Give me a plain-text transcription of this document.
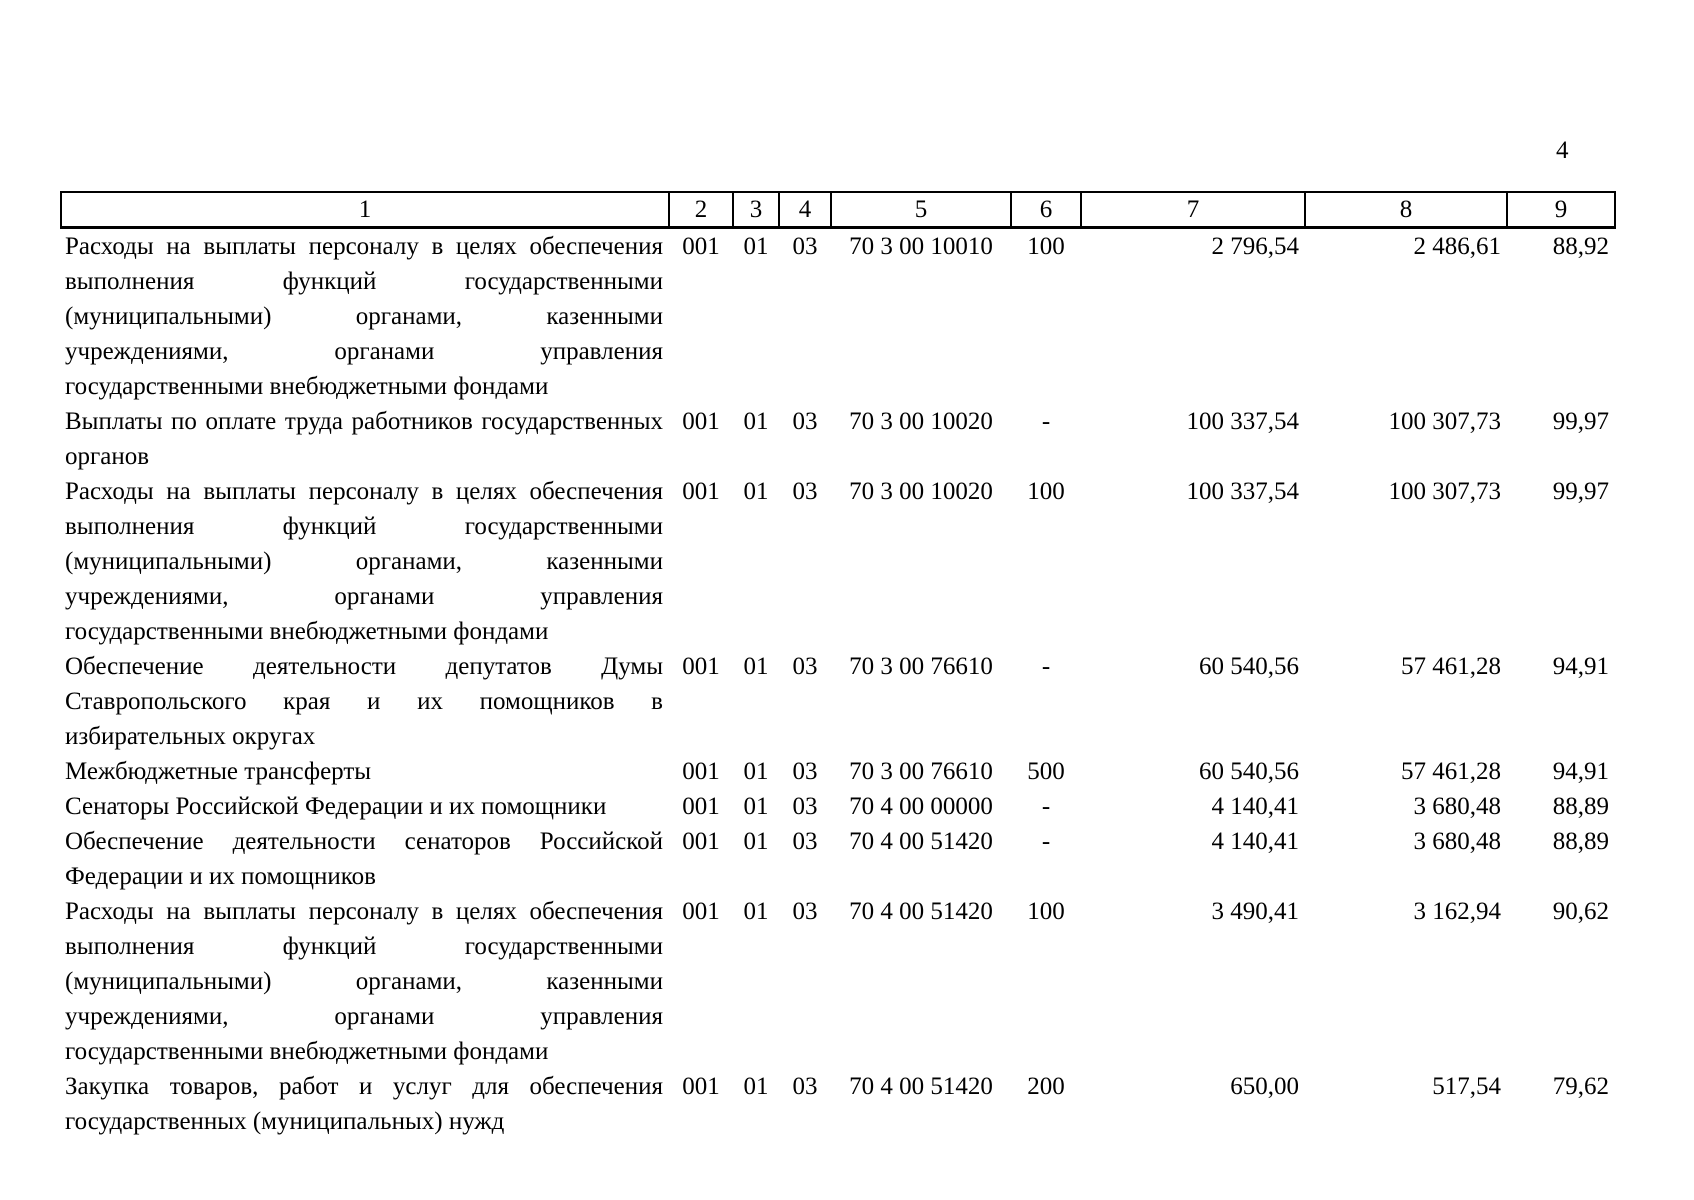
4
1	2	3	4	5	6	7	8	9
Расходы на выплаты персоналу в целях обеспечения выполнения функций государственными (муниципальными) органами, казенными учреждениями, органами управления государственными внебюджетными фондами	001	01	03	70 3 00 10010	100	2 796,54	2 486,61	88,92
Выплаты по оплате труда работников государственных органов	001	01	03	70 3 00 10020	-	100 337,54	100 307,73	99,97
Расходы на выплаты персоналу в целях обеспечения выполнения функций государственными (муниципальными) органами, казенными учреждениями, органами управления государственными внебюджетными фондами	001	01	03	70 3 00 10020	100	100 337,54	100 307,73	99,97
Обеспечение деятельности депутатов Думы Ставропольского края и их помощников в избирательных округах	001	01	03	70 3 00 76610	-	60 540,56	57 461,28	94,91
Межбюджетные трансферты	001	01	03	70 3 00 76610	500	60 540,56	57 461,28	94,91
Сенаторы Российской Федерации и их помощники	001	01	03	70 4 00 00000	-	4 140,41	3 680,48	88,89
Обеспечение деятельности сенаторов Российской Федерации и их помощников	001	01	03	70 4 00 51420	-	4 140,41	3 680,48	88,89
Расходы на выплаты персоналу в целях обеспечения выполнения функций государственными (муниципальными) органами, казенными учреждениями, органами управления государственными внебюджетными фондами	001	01	03	70 4 00 51420	100	3 490,41	3 162,94	90,62
Закупка товаров, работ и услуг для обеспечения государственных (муниципальных) нужд	001	01	03	70 4 00 51420	200	650,00	517,54	79,62
